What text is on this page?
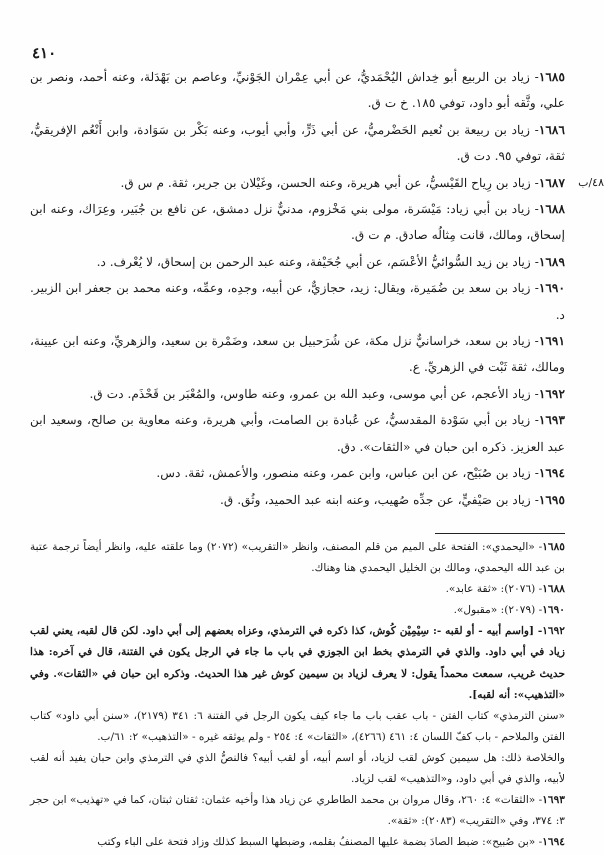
٤١٠

١٦٨٥- زياد بن الربيع أبو خِداش اليُحْمَديُّ، عن أبي عِمْران الجَوْنيِّ، وعاصم بن بَهْدَلة، وعنه أحمد، ونصر بن علي، وثَّقه أبو داود، توفي ١٨٥. خ ت ق.

١٦٨٦- زياد بن ربيعة بن نُعيم الحَضْرميُّ، عن أبي ذَرٍّ، وأبي أيوب، وعنه بَكْر بن سَوَادة، وابن أَنْعُم الإفريقيُّ، ثقة، توفي ٩٥. دت ق.

٤٨/ب
١٦٨٧- زياد بن رِياح القَيْسيُّ، عن أبي هريرة، وعنه الحسن، وغَيْلان بن جرير، ثقة. م س ق.

١٦٨٨- زياد بن أبي زياد: مَيْسَرة، مولى بني مَخْزوم، مدنيٌّ نزل دمشق، عن نافع بن جُبَير، وعِرَاك، وعنه ابن إسحاق، ومالك، قانت مِثالُه صادق. م ت ق.

١٦٨٩- زياد بن زيد السُّوائيُّ الأعْسَم، عن أبي جُحَيْفة، وعنه عبد الرحمن بن إسحاق، لا يُعْرف. د.

١٦٩٠- زياد بن سعد بن ضُمَيرة، ويقال: زيد، حجازيٌّ، عن أبيه، وجدِه، وعمِّه، وعنه محمد بن جعفر ابن الزبير. د.

١٦٩١- زياد بن سعد، خراسانيٌّ نزل مكة، عن شُرَحبيل بن سعد، وضَمْرة بن سعيد، والزهريِّ، وعنه ابن عيينة، ومالك، ثقة ثَبْت في الزهريِّ. ع.

١٦٩٢- زياد الأعجم، عن أبي موسى، وعبد الله بن عمرو، وعنه طاوس، والمُعْبَر بن قَحْذَم. دت ق.

١٦٩٣- زياد بن أبي سَوْدة المقدسيُّ، عن عُبادة بن الصامت، وأبي هريرة، وعنه معاوية بن صالح، وسعيد ابن عبد العزيز. ذكره ابن حبان في «الثقات». دق.

١٦٩٤- زياد بن صُبَيْح، عن ابن عباس، وابن عمر، وعنه منصور، والأعمش، ثقة. دس.

١٦٩٥- زياد بن صَيْفيٍّ، عن جدِّه صُهيب، وعنه ابنه عبد الحميد، وثُق. ق.

١٦٨٥- «اليحمدي»: الفتحة على الميم من قلم المصنف، وانظر «التقريب» (٢٠٧٢) وما علقته عليه، وانظر أيضاً ترجمة عتبة بن عبد الله اليحمدي، ومالك بن الخليل اليحمدي هنا وهناك.

١٦٨٨- (٢٠٧٦): «ثقة عابد».

١٦٩٠- (٢٠٧٩): «مقبول».

١٦٩٢- [واسم أبيه - أو لقبه -: سِيْمِيْن كُوش، كذا ذكره في الترمذي، وعزاه بعضهم إلى أبي داود. لكن قال لقبه، يعني لقب زياد في أبي داود. والذي في الترمذي بخط ابن الجوزي في باب ما جاء في الرجل يكون في الفتنة، قال في آخره: هذا حديث غريب، سمعت محمداً يقول: لا يعرف لزياد بن سيمين كوش غير هذا الحديث. وذكره ابن حبان في «الثقات». وفي «التذهيب»: أنه لقبه].

«سنن الترمذي» كتاب الفتن - باب عقب باب ما جاء كيف يكون الرجل في الفتنة ٦: ٣٤١ (٢١٧٩)، «سنن أبي داود» كتاب الفتن والملاحم - باب كفّ اللسان ٤: ٤٦١ (٤٢٦٦)، «الثقات» ٤: ٢٥٤ - ولم يوثقه غيره - «التذهيب» ٢: ٦١/ب.

والخلاصة ذلك: هل سيمين كوش لقب لزياد، أو اسم أبيه، أو لقب أبيه؟ فالنصُّ الذي في الترمذي وابن حبان يفيد أنه لقب لأبيه، والذي في أبي داود، و«التذهيب» لقب لزياد.

١٦٩٣- «الثقات» ٤: ٢٦٠، وقال مروان بن محمد الطاطري عن زياد هذا وأخيه عثمان: ثقتان ثبتان، كما في «تهذيب» ابن حجر ٣: ٣٧٤، وفي «التقريب» (٢٠٨٣): «ثقة».

١٦٩٤- «بن صُبيح»: ضبط الصادَ بضمة عليها المصنفُ بقلمه، وضبطها السبط كذلك وزاد فتحة على الباء وكتب
